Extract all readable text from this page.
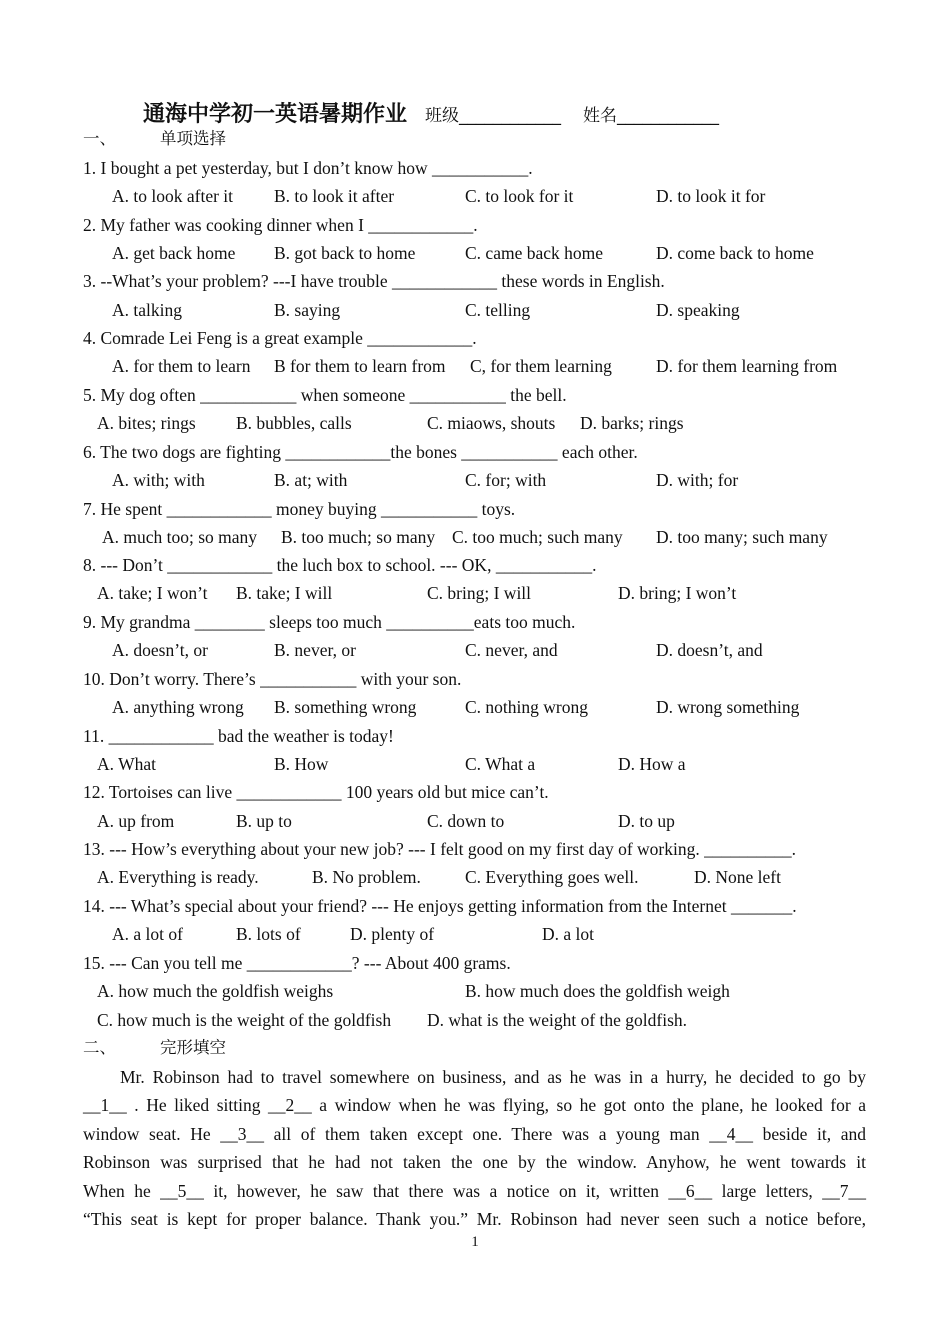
通海中学初一英语暑期作业 班级____________ 姓名____________
一、	单项选择
1. I bought a pet yesterday, but I don’t know how ___________.
A. to look after it B. to look it after	C. to look for it	D. to look it for
2. My father was cooking dinner when I ____________.
A. get back home B. got back to home	C. came back home	D. come back to home
3. --What’s your problem? ---I have trouble ____________ these words in English.
A. talking	B. saying	C. telling	D. speaking
4. Comrade Lei Feng is a great example ____________.
A. for them to learn B for them to learn from C, for them learning	D. for them learning from
5. My dog often ___________ when someone ___________ the bell.
A. bites; rings B. bubbles, calls	C. miaows, shouts D. barks; rings
6. The two dogs are fighting ____________the bones ___________ each other.
A. with; with	B. at; with	C. for; with	D. with; for
7. He spent ____________ money buying ___________ toys.
A. much too; so many B. too much; so many C. too much; such many D. too many; such many
8. --- Don’t ____________ the luch box to school. --- OK, ___________.
A. take; I won’t B. take; I will	C. bring; I will	D. bring; I won’t
9. My grandma ________ sleeps too much __________eats too much.
A. doesn’t, or	B. never, or	C. never, and	D. doesn’t, and
10. Don’t worry. There’s ___________ with your son.
A. anything wrong B. something wrong	C. nothing wrong	D. wrong something
11. ____________ bad the weather is today!
A. What	B. How	C. What a	D. How a
12. Tortoises can live ____________ 100 years old but mice can’t.
A. up from	B. up to	C. down to	D. to up
13. --- How’s everything about your new job? --- I felt good on my first day of working. __________.
A. Everything is ready.	B. No problem.	C. Everything goes well.	D. None left
14. --- What’s special about your friend? --- He enjoys getting information from the Internet _______.
A. a lot of	B. lots of	D. plenty of	D. a lot
15. --- Can you tell me ____________? --- About 400 grams.
A. how much the goldfish weighs	B. how much does the goldfish weigh
C. how much is the weight of the goldfish D. what is the weight of the goldfish.
二、	完形填空
Mr. Robinson had to travel somewhere on business, and as he was in a hurry, he decided to go by
__1__ . He liked sitting __2__ a window when he was flying, so he got onto the plane, he looked for a
window seat. He __3__ all of them taken except one. There was a young man __4__ beside it, and
Robinson was surprised that he had not taken the one by the window. Anyhow, he went towards it
When he __5__ it, however, he saw that there was a notice on it, written __6__ large letters, __7__
“This seat is kept for proper balance. Thank you.” Mr. Robinson had never seen such a notice before,
1
